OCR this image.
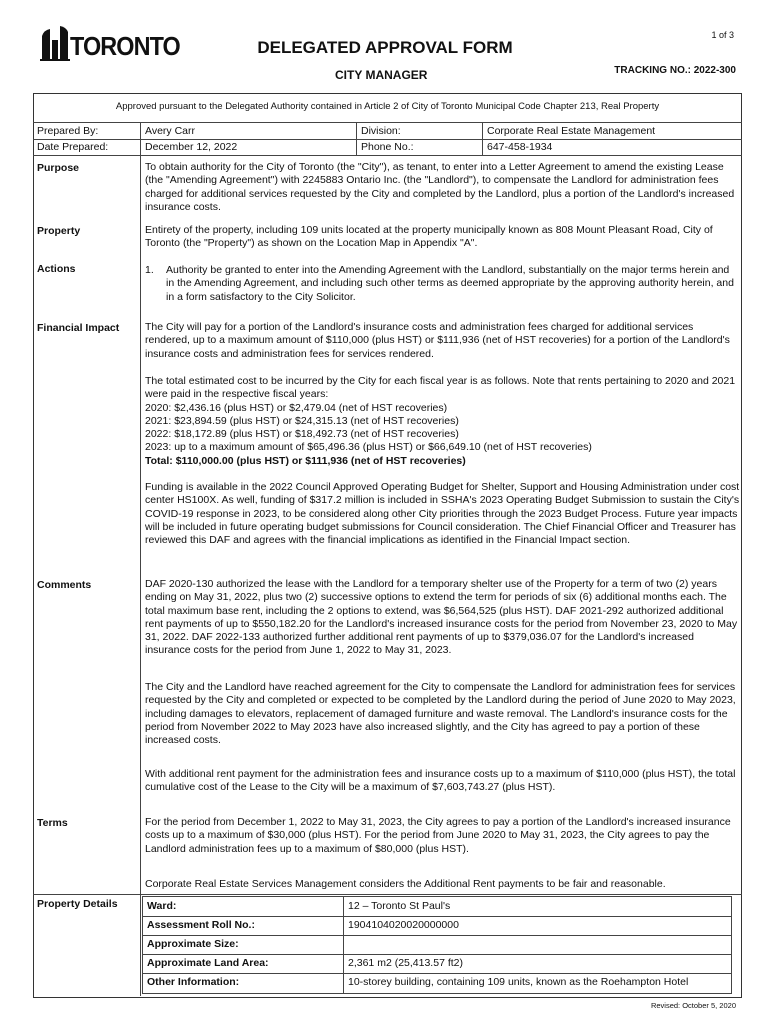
1 of 3
TORONTO	DELEGATED APPROVAL FORM
CITY MANAGER	TRACKING NO.: 2022-300
Approved pursuant to the Delegated Authority contained in Article 2 of City of Toronto Municipal Code Chapter 213, Real Property
Prepared By:	Avery Carr	Division:	Corporate Real Estate Management
Date Prepared:	December 12, 2022	Phone No.:	647-458-1934
Purpose	To obtain authority for the City of Toronto (the "City"), as tenant, to enter into a Letter Agreement to amend the existing Lease (the "Amending Agreement") with 2245883 Ontario Inc. (the "Landlord"), to compensate the Landlord for administration fees charged for additional services requested by the City and completed by the Landlord, plus a portion of the Landlord's increased insurance costs.
Property	Entirety of the property, including 109 units located at the property municipally known as 808 Mount Pleasant Road, City of Toronto (the "Property") as shown on the Location Map in Appendix "A".
Actions	1. Authority be granted to enter into the Amending Agreement with the Landlord, substantially on the major terms herein and in the Amending Agreement, and including such other terms as deemed appropriate by the approving authority herein, and in a form satisfactory to the City Solicitor.
Financial Impact The City will pay for a portion of the Landlord's insurance costs and administration fees charged for additional services rendered, up to a maximum amount of $110,000 (plus HST) or $111,936 (net of HST recoveries) for a portion of the Landlord's insurance costs and administration fees for services rendered.
The total estimated cost to be incurred by the City for each fiscal year is as follows. Note that rents pertaining to 2020 and 2021 were paid in the respective fiscal years:
2020: $2,436.16 (plus HST) or $2,479.04 (net of HST recoveries)
2021: $23,894.59 (plus HST) or $24,315.13 (net of HST recoveries)
2022: $18,172.89 (plus HST) or $18,492.73 (net of HST recoveries)
2023: up to a maximum amount of $65,496.36 (plus HST) or $66,649.10 (net of HST recoveries)
Total: $110,000.00 (plus HST) or $111,936 (net of HST recoveries)
Funding is available in the 2022 Council Approved Operating Budget for Shelter, Support and Housing Administration under cost center HS100X. As well, funding of $317.2 million is included in SSHA's 2023 Operating Budget Submission to sustain the City's COVID-19 response in 2023, to be considered along other City priorities through the 2023 Budget Process. Future year impacts will be included in future operating budget submissions for Council consideration. The Chief Financial Officer and Treasurer has reviewed this DAF and agrees with the financial implications as identified in the Financial Impact section.
Comments	DAF 2020-130 authorized the lease with the Landlord for a temporary shelter use of the Property for a term of two (2) years ending on May 31, 2022, plus two (2) successive options to extend the term for periods of six (6) additional months each. The total maximum base rent, including the 2 options to extend, was $6,564,525 (plus HST). DAF 2021-292 authorized additional rent payments of up to $550,182.20 for the Landlord's increased insurance costs for the period from November 23, 2020 to May 31, 2022. DAF 2022-133 authorized further additional rent payments of up to $379,036.07 for the Landlord's increased insurance costs for the period from June 1, 2022 to May 31, 2023.
The City and the Landlord have reached agreement for the City to compensate the Landlord for administration fees for services requested by the City and completed or expected to be completed by the Landlord during the period of June 2020 to May 2023, including damages to elevators, replacement of damaged furniture and waste removal. The Landlord's insurance costs for the period from November 2022 to May 2023 have also increased slightly, and the City has agreed to pay a portion of these increased costs.
With additional rent payment for the administration fees and insurance costs up to a maximum of $110,000 (plus HST), the total cumulative cost of the Lease to the City will be a maximum of $7,603,743.27 (plus HST).
Terms	For the period from December 1, 2022 to May 31, 2023, the City agrees to pay a portion of the Landlord's increased insurance costs up to a maximum of $30,000 (plus HST). For the period from June 2020 to May 31, 2023, the City agrees to pay the Landlord administration fees up to a maximum of $80,000 (plus HST).
Corporate Real Estate Services Management considers the Additional Rent payments to be fair and reasonable.
Property Details	Ward:	12 – Toronto St Paul's
Assessment Roll No.:	1904104020020000000
Approximate Size:
Approximate Land Area:	2,361 m2 (25,413.57 ft2)
Other Information:	10-storey building, containing 109 units, known as the Roehampton Hotel
Revised: October 5, 2020
